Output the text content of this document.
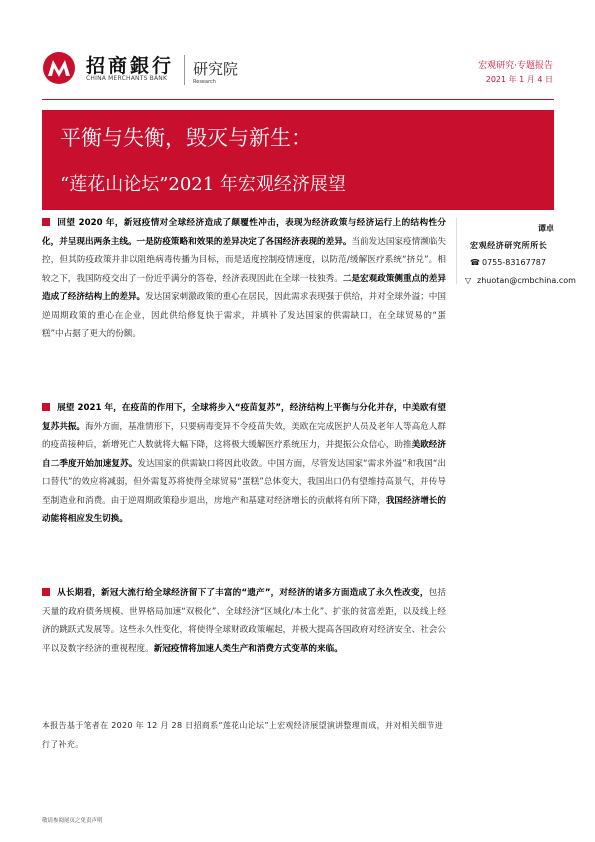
招商銀行
CHINA MERCHANTS BANK
研究院
Research
宏观研究·专题报告
2021 年 1 月 4 日
平衡与失衡，毁灭与新生：
“莲花山论坛”2021 年宏观经济展望
谭卓
宏观经济研究所所长
☎ 0755-83167787
▽ zhuotan@cmbchina.com

回望 2020 年，新冠疫情对全球经济造成了颠覆性冲击，表现为经济政策与经济运行上的结构性分化，并呈现出两条主线。一是防疫策略和效果的差异决定了各国经济表现的差异。当前发达国家疫情濒临失控，但其防疫政策并非以阻绝病毒传播为目标，而是适度控制疫情速度，以防范/缓解医疗系统“挤兑”。相较之下，我国防疫交出了一份近乎满分的答卷，经济表现因此在全球一枝独秀。二是宏观政策侧重点的差异造成了经济结构上的差异。发达国家刺激政策的重心在居民，因此需求表现强于供给，并对全球外溢；中国逆周期政策的重心在企业，因此供给修复快于需求，并填补了发达国家的供需缺口，在全球贸易的“蛋糕”中占据了更大的份额。

展望 2021 年，在疫苗的作用下，全球将步入“疫苗复苏”，经济结构上平衡与分化并存，中美欧有望复苏共振。海外方面，基准情形下，只要病毒变异不令疫苗失效，美欧在完成医护人员及老年人等高危人群的疫苗接种后，新增死亡人数就将大幅下降，这将极大缓解医疗系统压力，并提振公众信心，助推美欧经济自二季度开始加速复苏。发达国家的供需缺口将因此收敛。中国方面，尽管发达国家“需求外溢”和我国“出口替代”的效应将减弱，但外需复苏将使得全球贸易“蛋糕”总体变大，我国出口仍有望维持高景气，并传导至制造业和消费。由于逆周期政策稳步退出，房地产和基建对经济增长的贡献将有所下降，我国经济增长的动能将相应发生切换。

从长期看，新冠大流行给全球经济留下了丰富的“遗产”，对经济的诸多方面造成了永久性改变，包括天量的政府债务规模、世界格局加速“双极化”、全球经济“区域化/本土化”、扩张的贫富差距，以及线上经济的跳跃式发展等。这些永久性变化，将使得全球财政政策崛起，并极大提高各国政府对经济安全、社会公平以及数字经济的重视程度。新冠疫情将加速人类生产和消费方式变革的来临。

本报告基于笔者在 2020 年 12 月 28 日招商系“莲花山论坛”上宏观经济展望演讲整理而成，并对相关细节进行了补充。

敬请参阅尾页之免责声明
